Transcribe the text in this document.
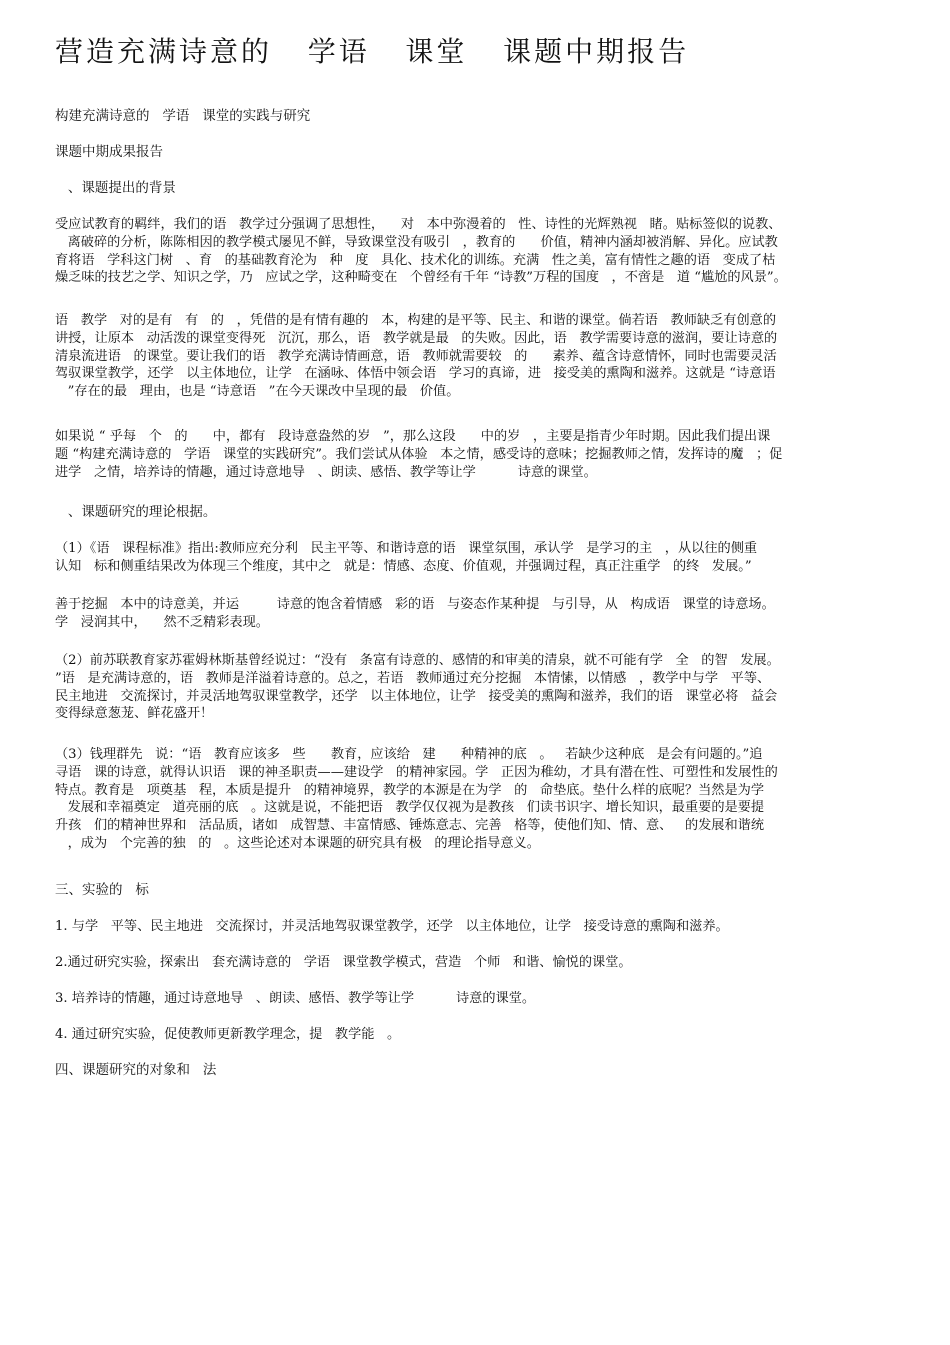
营造充满诗意的   学语   课堂   课题中期报告

构建充满诗意的   学语   课堂的实践与研究

课题中期成果报告

、课题提出的背景

受应试教育的羁绊，我们的语   教学过分强调了思想性，    对   本中弥漫着的   性、诗性的光辉熟视   睹。贴标签似的说教、
离破碎的分析，陈陈相因的教学模式屡见不鲜，导致课堂没有吸引   ，教育的      价值，精神内涵却被消解、异化。应试教
育将语   学科这门树   、育   的基础教育沦为   种   度   具化、技术化的训练。充满   性之美，富有情性之趣的语   变成了枯
燥乏味的技艺之学、知识之学，乃   应试之学，这种畸变在   个曾经有千年 “诗教”万程的国度   ，不啻是   道 “尴尬的风景”。

语   教学   对的是有   有   的   ，凭借的是有情有趣的   本，构建的是平等、民主、和谐的课堂。倘若语   教师缺乏有创意的
讲授，让原本   动活泼的课堂变得死   沉沉，那么，语   教学就是最   的失败。因此，语   教学需要诗意的滋润，要让诗意的
清泉流进语   的课堂。要让我们的语   教学充满诗情画意，语   教师就需要较   的      素养、蕴含诗意情怀，同时也需要灵活
驾驭课堂教学，还学   以主体地位，让学   在涵咏、体悟中领会语   学习的真谛，进   接受美的熏陶和滋养。这就是 “诗意语
”存在的最   理由，也是 “诗意语   ”在今天课改中呈现的最   价值。

如果说 “ 乎每   个   的      中，都有   段诗意盎然的岁   ”，那么这段      中的岁   ，主要是指青少年时期。因此我们提出课
题 “构建充满诗意的   学语   课堂的实践研究”。我们尝试从体验   本之情，感受诗的意味；挖掘教师之情，发挥诗的魔   ；促
进学   之情，培养诗的情趣，通过诗意地导   、朗读、感悟、教学等让学          诗意的课堂。

、课题研究的理论根据。

（1）《语   课程标准》指出:教师应充分利   民主平等、和谐诗意的语   课堂氛围，承认学   是学习的主   ，从以往的侧重
认知   标和侧重结果改为体现三个维度，其中之   就是：情感、态度、价值观，并强调过程，真正注重学   的终   发展。”

善于挖掘   本中的诗意美，并运         诗意的饱含着情感   彩的语   与姿态作某种提   与引导，从   构成语   课堂的诗意场。
学   浸润其中，    然不乏精彩表现。

（2）前苏联教育家苏霍姆林斯基曾经说过：“没有   条富有诗意的、感情的和审美的清泉，就不可能有学   全   的智   发展。
”语   是充满诗意的，语   教师是洋溢着诗意的。总之，若语   教师通过充分挖掘   本情愫，以情感   ，教学中与学   平等、
民主地进   交流探讨，并灵活地驾驭课堂教学，还学   以主体地位，让学   接受美的熏陶和滋养，我们的语   课堂必将   益会
变得绿意葱茏、鲜花盛开！

（3）钱理群先   说：“语   教育应该多   些      教育，应该给   建      种精神的底   。   若缺少这种底   是会有问题的。”追
寻语   课的诗意，就得认识语   课的神圣职责——建设学   的精神家园。学   正因为稚幼，才具有潜在性、可塑性和发展性的
特点。教育是   项奠基   程，本质是提升   的精神境界，教学的本源是在为学   的   命垫底。垫什么样的底呢？当然是为学
发展和幸福奠定   道亮丽的底   。这就是说，不能把语   教学仅仅视为是教孩   们读书识字、增长知识，最重要的是要提
升孩   们的精神世界和   活品质，诸如   成智慧、丰富情感、锤炼意志、完善   格等，使他们知、情、意、   的发展和谐统
，成为   个完善的独   的   。这些论述对本课题的研究具有极   的理论指导意义。

三、实验的   标

1. 与学   平等、民主地进   交流探讨，并灵活地驾驭课堂教学，还学   以主体地位，让学   接受诗意的熏陶和滋养。

2.通过研究实验，探索出   套充满诗意的   学语   课堂教学模式，营造   个师   和谐、愉悦的课堂。

3. 培养诗的情趣，通过诗意地导   、朗读、感悟、教学等让学          诗意的课堂。

4. 通过研究实验，促使教师更新教学理念，提   教学能   。

四、课题研究的对象和   法
